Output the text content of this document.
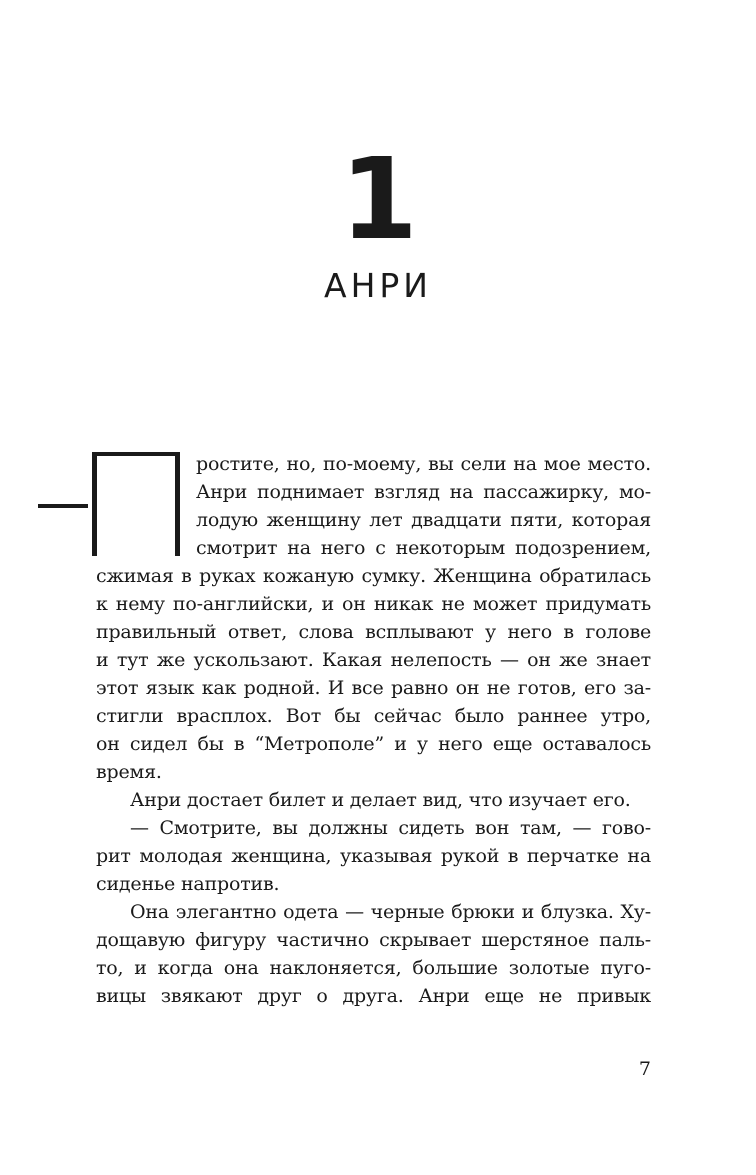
1
АНРИ
ростите, но, по-моему, вы сели на мое место.
Анри поднимает взгляд на пассажирку, мо-
лодую женщину лет двадцати пяти, которая
смотрит на него с некоторым подозрением,
сжимая в руках кожаную сумку. Женщина обратилась
к нему по-английски, и он никак не может придумать
правильный ответ, слова всплывают у него в голове
и тут же ускользают. Какая нелепость — он же знает
этот язык как родной. И все равно он не готов, его за-
стигли врасплох. Вот бы сейчас было раннее утро,
он сидел бы в “Метрополе” и у него еще оставалось
время.
Анри достает билет и делает вид, что изучает его.
— Смотрите, вы должны сидеть вон там, — гово-
рит молодая женщина, указывая рукой в перчатке на
сиденье напротив.
Она элегантно одета — черные брюки и блузка. Ху-
дощавую фигуру частично скрывает шерстяное паль-
то, и когда она наклоняется, большие золотые пуго-
вицы звякают друг о друга. Анри еще не привык
7
